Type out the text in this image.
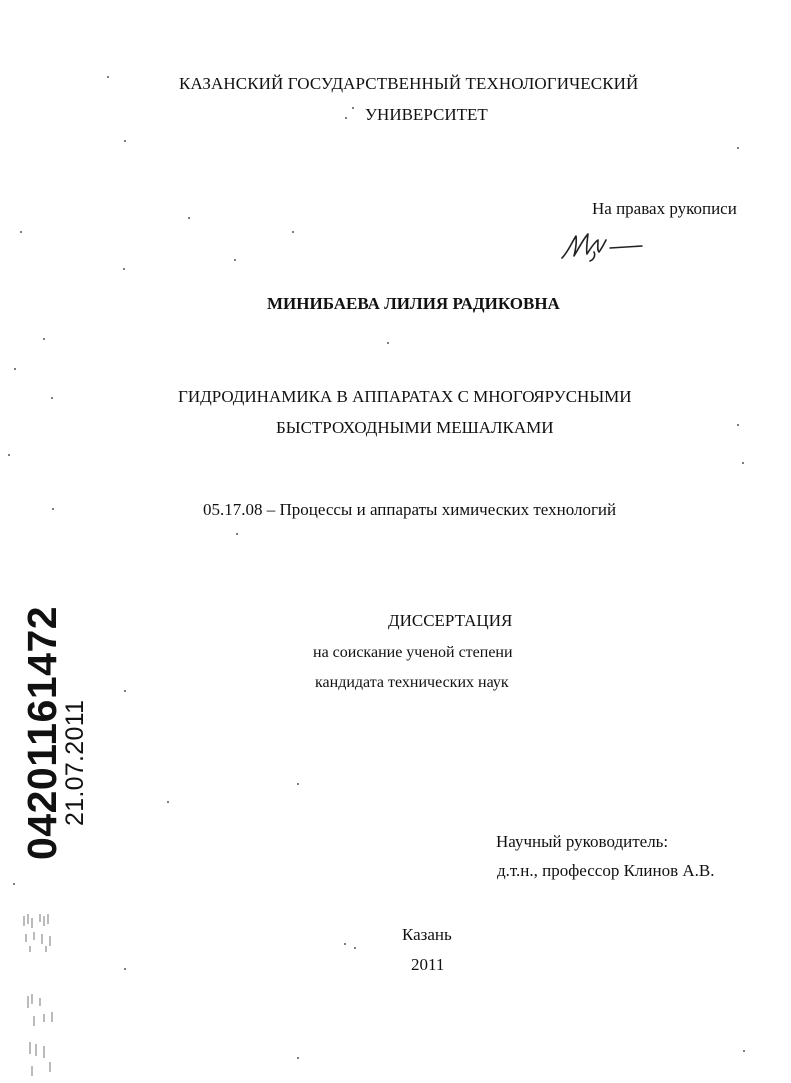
КАЗАНСКИЙ ГОСУДАРСТВЕННЫЙ ТЕХНОЛОГИЧЕСКИЙ
УНИВЕРСИТЕТ
На правах рукописи
МИНИБАЕВА ЛИЛИЯ РАДИКОВНА
ГИДРОДИНАМИКА В АППАРАТАХ С МНОГОЯРУСНЫМИ
БЫСТРОХОДНЫМИ МЕШАЛКАМИ
05.17.08 – Процессы и аппараты химических технологий
ДИССЕРТАЦИЯ
на соискание ученой степени
кандидата технических наук
Научный руководитель:
д.т.н., профессор Клинов А.В.
Казань
2011
04201161472
21.07.2011
